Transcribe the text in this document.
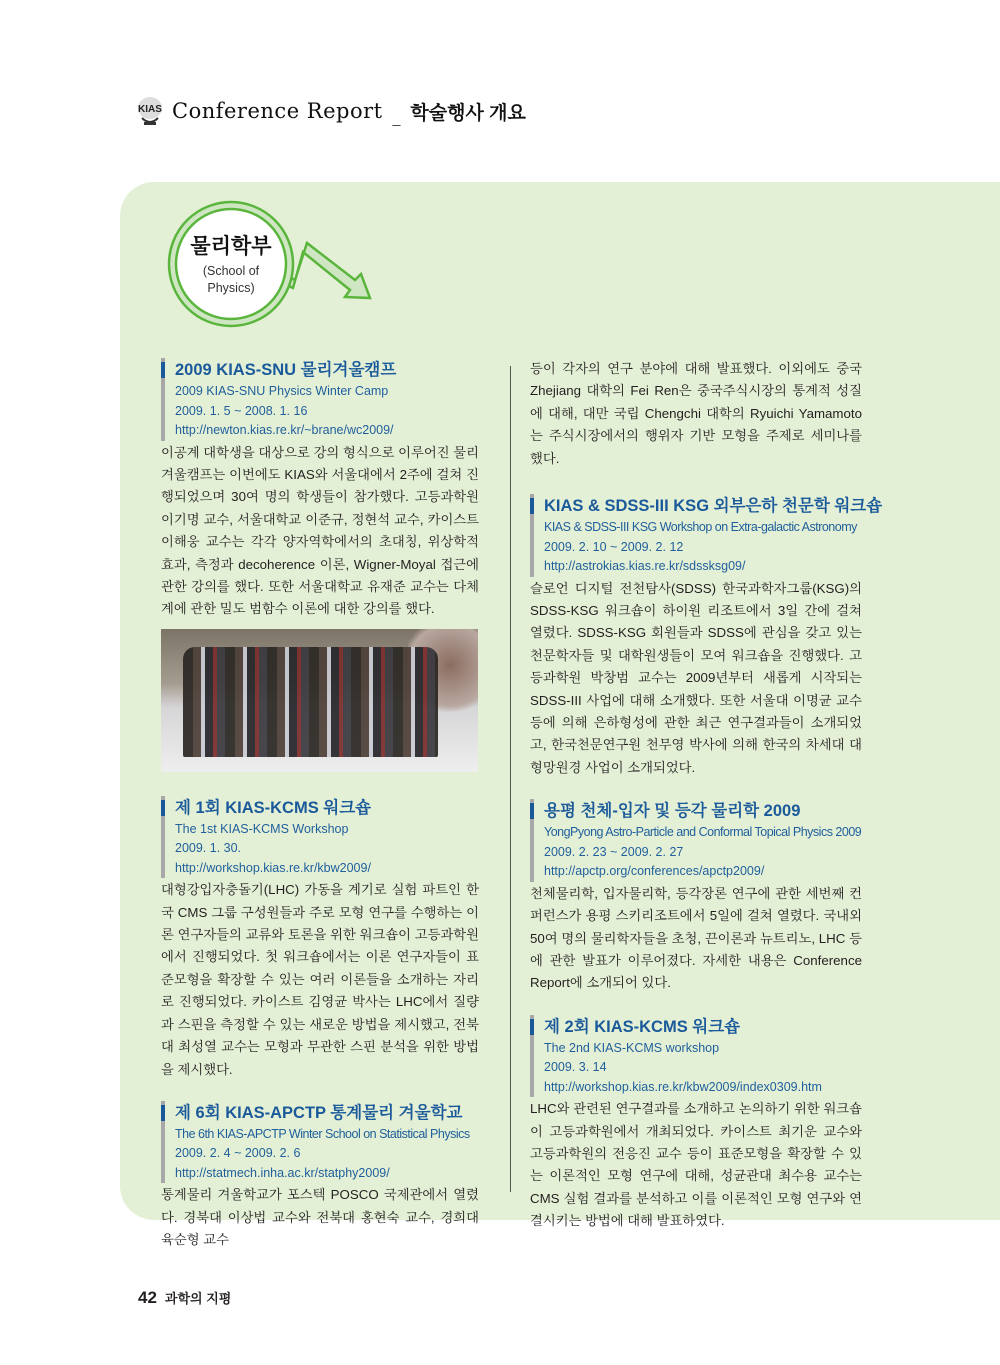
KIAS Conference Report _ 학술행사 개요
물리학부
(School of
Physics)
2009 KIAS-SNU 물리겨울캠프
2009 KIAS-SNU Physics Winter Camp
2009. 1. 5 ~ 2008. 1. 16
http://newton.kias.re.kr/~brane/wc2009/
이공계 대학생을 대상으로 강의 형식으로 이루어진 물리겨울캠프는 이번에도 KIAS와 서울대에서 2주에 걸쳐 진행되었으며 30여 명의 학생들이 참가했다. 고등과학원 이기명 교수, 서울대학교 이준규, 정현석 교수, 카이스트 이해웅 교수는 각각 양자역학에서의 초대칭, 위상학적 효과, 측정과 decoherence 이론, Wigner-Moyal 접근에 관한 강의를 했다. 또한 서울대학교 유재준 교수는 다체계에 관한 밀도 범함수 이론에 대한 강의를 했다.
제 1회 KIAS-KCMS 워크숍
The 1st KIAS-KCMS Workshop
2009. 1. 30.
http://workshop.kias.re.kr/kbw2009/
대형강입자충돌기(LHC) 가동을 계기로 실험 파트인 한국 CMS 그룹 구성원들과 주로 모형 연구를 수행하는 이론 연구자들의 교류와 토론을 위한 워크숍이 고등과학원에서 진행되었다. 첫 워크숍에서는 이론 연구자들이 표준모형을 확장할 수 있는 여러 이론들을 소개하는 자리로 진행되었다. 카이스트 김영균 박사는 LHC에서 질량과 스핀을 측정할 수 있는 새로운 방법을 제시했고, 전북대 최성열 교수는 모형과 무관한 스핀 분석을 위한 방법을 제시했다.
제 6회 KIAS-APCTP 통계물리 겨울학교
The 6th KIAS-APCTP Winter School on Statistical Physics
2009. 2. 4 ~ 2009. 2. 6
http://statmech.inha.ac.kr/statphy2009/
통계물리 겨울학교가 포스텍 POSCO 국제관에서 열렸다. 경북대 이상법 교수와 전북대 홍현숙 교수, 경희대 육순형 교수

등이 각자의 연구 분야에 대해 발표했다. 이외에도 중국 Zhejiang 대학의 Fei Ren은 중국주식시장의 통계적 성질에 대해, 대만 국립 Chengchi 대학의 Ryuichi Yamamoto는 주식시장에서의 행위자 기반 모형을 주제로 세미나를 했다.

KIAS & SDSS-III KSG 외부은하 천문학 워크숍
KIAS & SDSS-III KSG Workshop on Extra-galactic Astronomy
2009. 2. 10 ~ 2009. 2. 12
http://astrokias.kias.re.kr/sdssksg09/
슬로언 디지털 전천탐사(SDSS) 한국과학자그룹(KSG)의 SDSS-KSG 워크숍이 하이원 리조트에서 3일 간에 걸쳐 열렸다. SDSS-KSG 회원들과 SDSS에 관심을 갖고 있는 천문학자들 및 대학원생들이 모여 워크숍을 진행했다. 고등과학원 박창범 교수는 2009년부터 새롭게 시작되는 SDSS-III 사업에 대해 소개했다. 또한 서울대 이명균 교수 등에 의해 은하형성에 관한 최근 연구결과들이 소개되었고, 한국천문연구원 천무영 박사에 의해 한국의 차세대 대형망원경 사업이 소개되었다.
용평 천체-입자 및 등각 물리학 2009
YongPyong Astro-Particle and Conformal Topical Physics 2009
2009. 2. 23 ~ 2009. 2. 27
http://apctp.org/conferences/apctp2009/
천체물리학, 입자물리학, 등각장론 연구에 관한 세번째 컨퍼런스가 용평 스키리조트에서 5일에 걸쳐 열렸다. 국내외 50여 명의 물리학자들을 초청, 끈이론과 뉴트리노, LHC 등에 관한 발표가 이루어졌다. 자세한 내용은 Conference Report에 소개되어 있다.
제 2회 KIAS-KCMS 워크숍
The 2nd KIAS-KCMS workshop
2009. 3. 14
http://workshop.kias.re.kr/kbw2009/index0309.htm
LHC와 관련된 연구결과를 소개하고 논의하기 위한 워크숍이 고등과학원에서 개최되었다. 카이스트 최기운 교수와 고등과학원의 전응진 교수 등이 표준모형을 확장할 수 있는 이론적인 모형 연구에 대해, 성균관대 최수용 교수는 CMS 실험 결과를 분석하고 이를 이론적인 모형 연구와 연결시키는 방법에 대해 발표하였다.
42 과학의 지평
